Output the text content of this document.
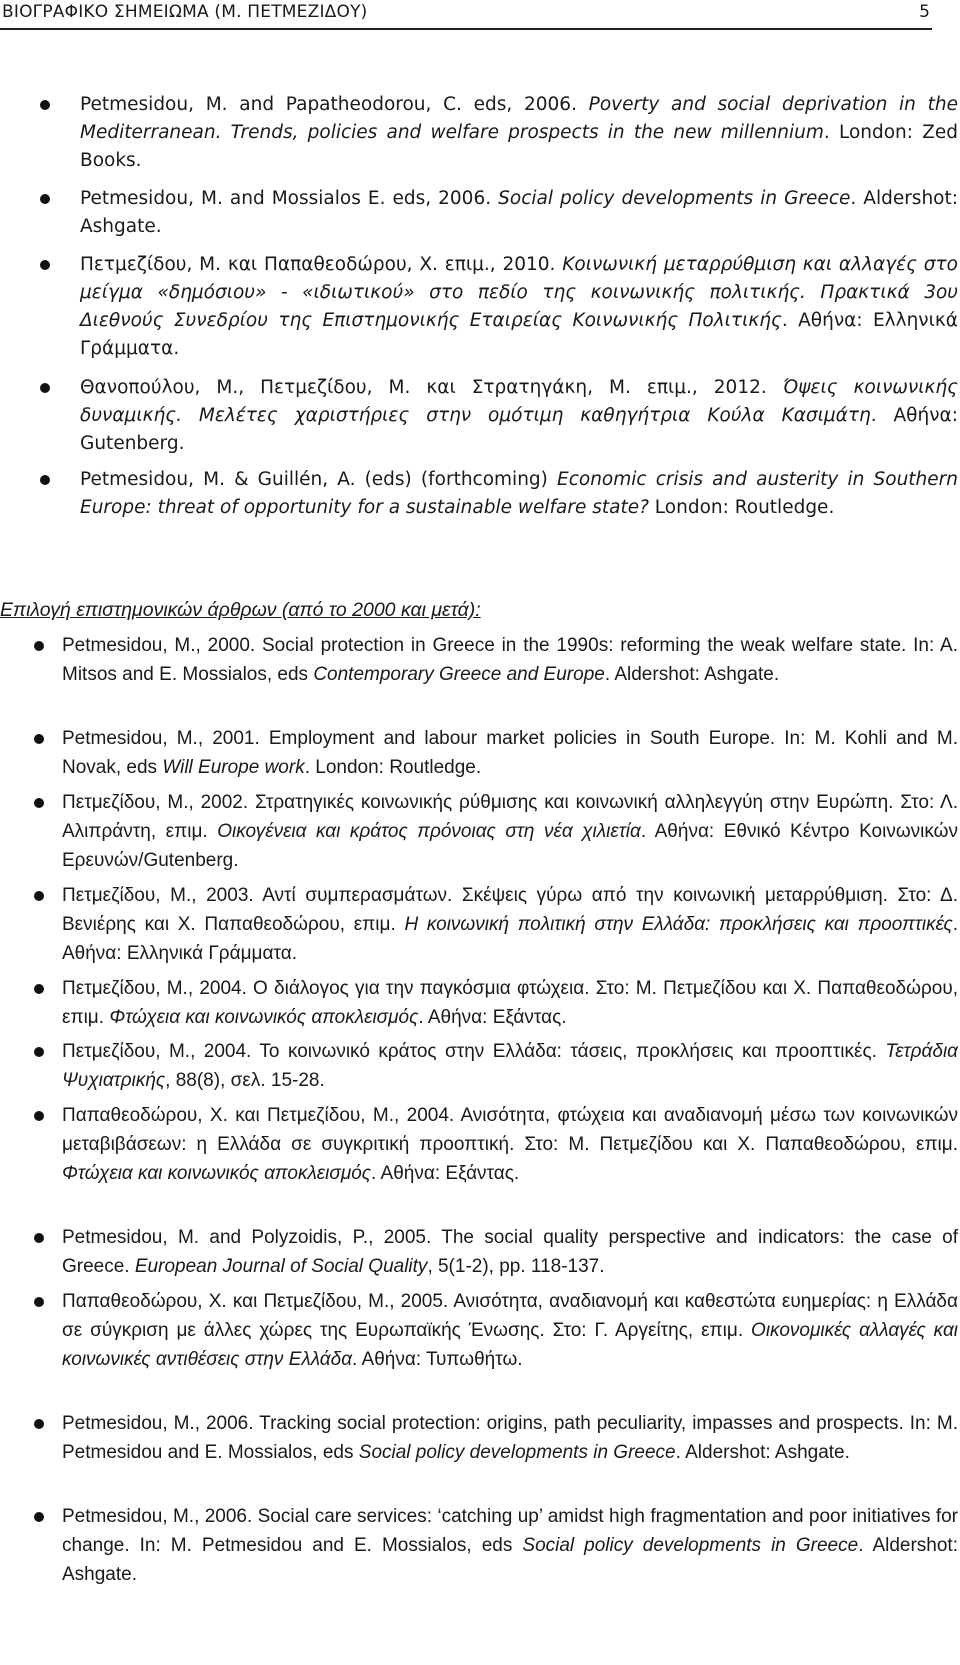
ΒΙΟΓΡΑΦΙΚΟ ΣΗΜΕΙΩΜΑ (Μ. ΠΕΤΜΕΖΙΔΟΥ)	5
Petmesidou, M. and Papatheodorou, C. eds, 2006. Poverty and social deprivation in the Mediterranean. Trends, policies and welfare prospects in the new millennium. London: Zed Books.
Petmesidou, M. and Mossialos E. eds, 2006. Social policy developments in Greece. Aldershot: Ashgate.
Πετμεζίδου, Μ. και Παπαθεοδώρου, Χ. επιμ., 2010. Κοινωνική μεταρρύθμιση και αλλαγές στο μείγμα «δημόσιου» - «ιδιωτικού» στο πεδίο της κοινωνικής πολιτικής. Πρακτικά 3ου Διεθνούς Συνεδρίου της Επιστημονικής Εταιρείας Κοινωνικής Πολιτικής. Αθήνα: Ελληνικά Γράμματα.
Θανοπούλου, Μ., Πετμεζίδου, Μ. και Στρατηγάκη, Μ. επιμ., 2012. Όψεις κοινωνικής δυναμικής. Μελέτες χαριστήριες στην ομότιμη καθηγήτρια Κούλα Κασιμάτη. Αθήνα: Gutenberg.
Petmesidou, M. & Guillén, A. (eds) (forthcoming) Economic crisis and austerity in Southern Europe: threat of opportunity for a sustainable welfare state? London: Routledge.
Επιλογή επιστημονικών άρθρων (από το 2000 και μετά):
Petmesidou, M., 2000. Social protection in Greece in the 1990s: reforming the weak welfare state. In: A. Mitsos and E. Mossialos, eds Contemporary Greece and Europe. Aldershot: Ashgate.
Petmesidou, M., 2001. Employment and labour market policies in South Europe. In: M. Kohli and M. Novak, eds Will Europe work. London: Routledge.
Πετμεζίδου, Μ., 2002. Στρατηγικές κοινωνικής ρύθμισης και κοινωνική αλληλεγγύη στην Ευρώπη. Στο: Λ. Αλιπράντη, επιμ. Οικογένεια και κράτος πρόνοιας στη νέα χιλιετία. Αθήνα: Εθνικό Κέντρο Κοινωνικών Ερευνών/Gutenberg.
Πετμεζίδου, Μ., 2003. Αντί συμπερασμάτων. Σκέψεις γύρω από την κοινωνική μεταρρύθμιση. Στο: Δ. Βενιέρης και Χ. Παπαθεοδώρου, επιμ. Η κοινωνική πολιτική στην Ελλάδα: προκλήσεις και προοπτικές. Αθήνα: Ελληνικά Γράμματα.
Πετμεζίδου, Μ., 2004. Ο διάλογος για την παγκόσμια φτώχεια. Στο: Μ. Πετμεζίδου και Χ. Παπαθεοδώρου, επιμ. Φτώχεια και κοινωνικός αποκλεισμός. Αθήνα: Εξάντας.
Πετμεζίδου, Μ., 2004. Το κοινωνικό κράτος στην Ελλάδα: τάσεις, προκλήσεις και προοπτικές. Τετράδια Ψυχιατρικής, 88(8), σελ. 15-28.
Παπαθεοδώρου, Χ. και Πετμεζίδου, Μ., 2004. Ανισότητα, φτώχεια και αναδιανομή μέσω των κοινωνικών μεταβιβάσεων: η Ελλάδα σε συγκριτική προοπτική. Στο: Μ. Πετμεζίδου και Χ. Παπαθεοδώρου, επιμ. Φτώχεια και κοινωνικός αποκλεισμός. Αθήνα: Εξάντας.
Petmesidou, M. and Polyzoidis, P., 2005. The social quality perspective and indicators: the case of Greece. European Journal of Social Quality, 5(1-2), pp. 118-137.
Παπαθεοδώρου, Χ. και Πετμεζίδου, Μ., 2005. Ανισότητα, αναδιανομή και καθεστώτα ευημερίας: η Ελλάδα σε σύγκριση με άλλες χώρες της Ευρωπαϊκής Ένωσης. Στο: Γ. Αργείτης, επιμ. Οικονομικές αλλαγές και κοινωνικές αντιθέσεις στην Ελλάδα. Αθήνα: Τυπωθήτω.
Petmesidou, M., 2006. Tracking social protection: origins, path peculiarity, impasses and prospects. In: M. Petmesidou and E. Mossialos, eds Social policy developments in Greece. Aldershot: Ashgate.
Petmesidou, M., 2006. Social care services: ‘catching up’ amidst high fragmentation and poor initiatives for change. In: M. Petmesidou and E. Mossialos, eds Social policy developments in Greece. Aldershot: Ashgate.
